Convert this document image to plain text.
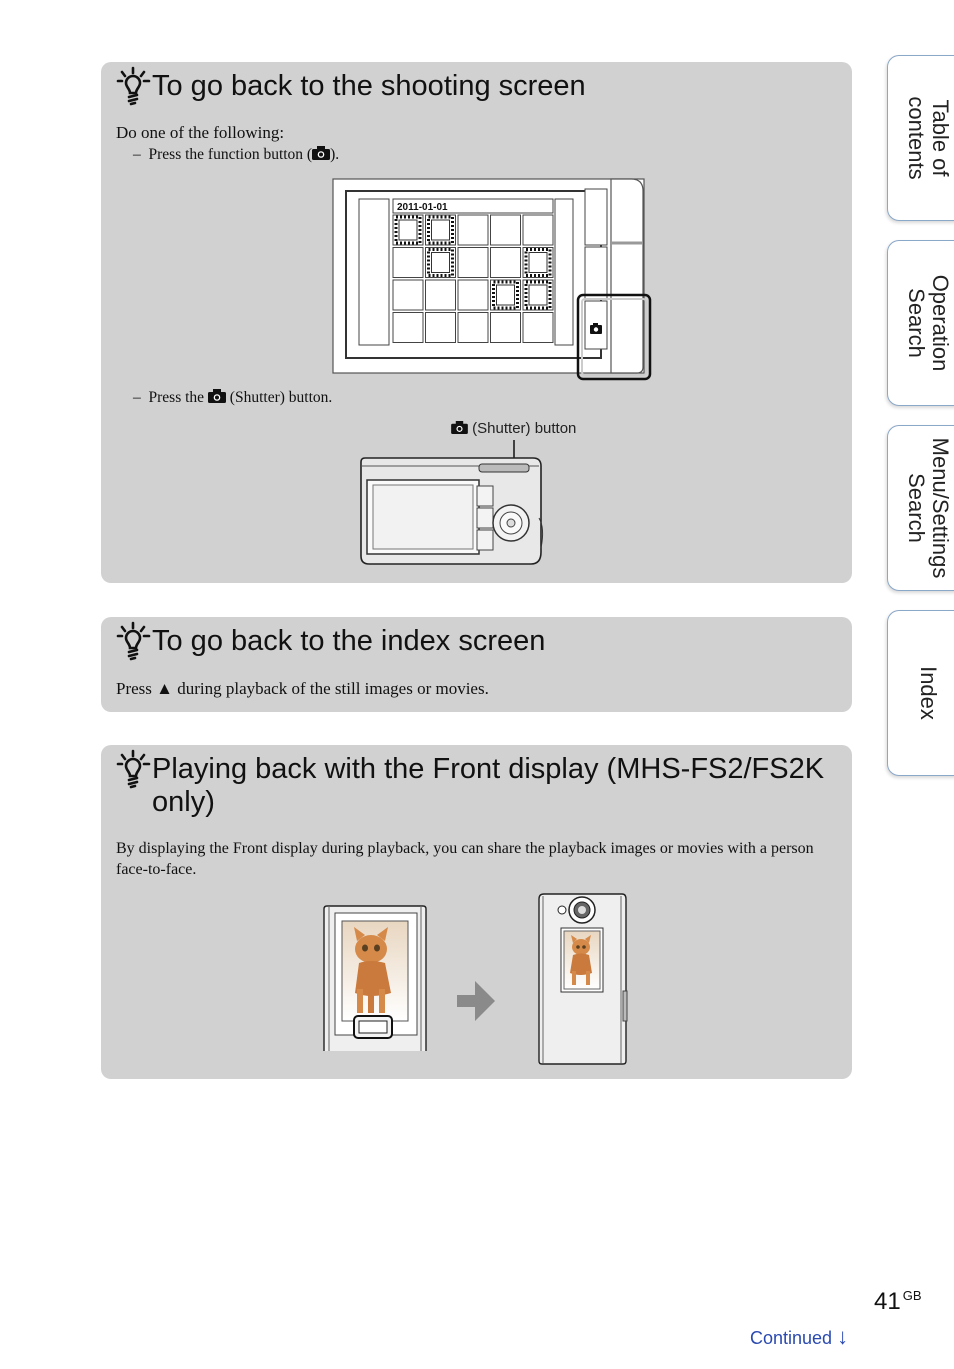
Table of
contents
Operation
Search
Menu/Settings
Search
Index
To go back to the shooting screen
Do one of the following:
– Press the function button ( ).
2011-01-01
– Press the (Shutter) button.
(Shutter) button
To go back to the index screen
Press ▲ during playback of the still images or movies.
Playing back with the Front display (MHS-FS2/FS2K
only)
By displaying the Front display during playback, you can share the playback images or movies with a person face-to-face.
41 $^{GB}$
Continued ↓
